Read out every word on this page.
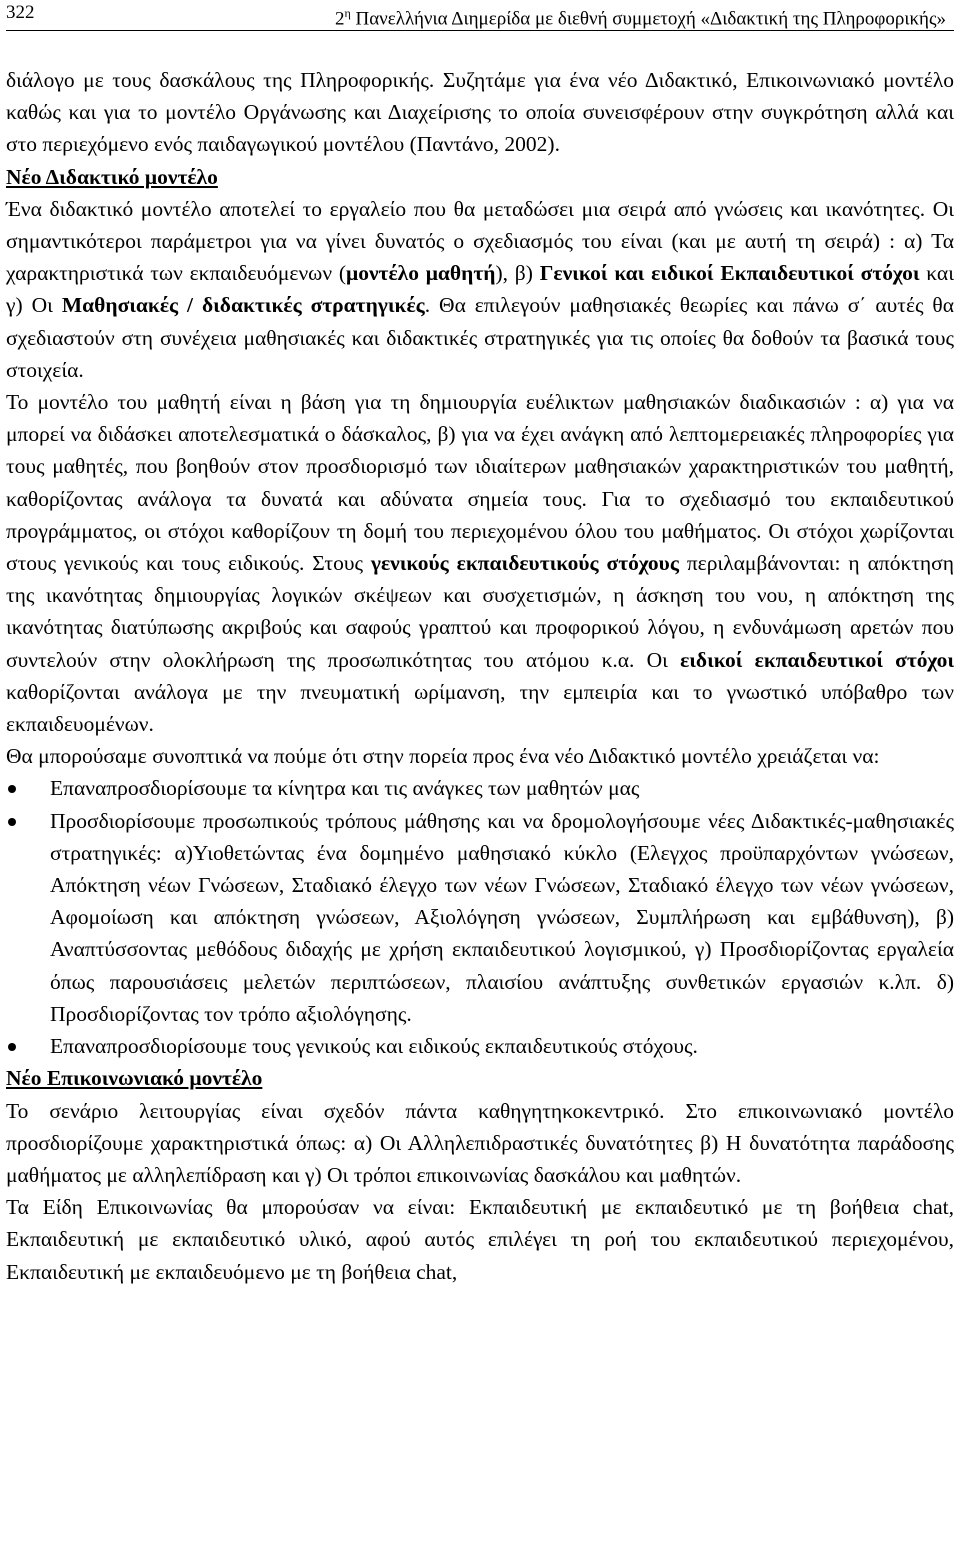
322	$2^\eta$ Πανελλήνια Διημερίδα με διεθνή συμμετοχή «Διδακτική της Πληροφορικής»

διάλογο με τους δασκάλους της Πληροφορικής. Συζητάμε για ένα νέο Διδακτικό, Επικοινωνιακό μοντέλο καθώς και για το μοντέλο Οργάνωσης και Διαχείρισης το οποία συνεισφέρουν στην συγκρότηση αλλά και στο περιεχόμενο ενός παιδαγωγικού μοντέλου (Παντάνο, 2002).

Νέο Διδακτικό μοντέλο

Ένα διδακτικό μοντέλο αποτελεί το εργαλείο που θα μεταδώσει μια σειρά από γνώσεις και ικανότητες. Οι σημαντικότεροι παράμετροι για να γίνει δυνατός ο σχεδιασμός του είναι (και με αυτή τη σειρά) : α) Τα χαρακτηριστικά των εκπαιδευόμενων (μοντέλο μαθητή), β) Γενικοί και ειδικοί Εκπαιδευτικοί στόχοι και γ) Οι Μαθησιακές / διδακτικές στρατηγικές. Θα επιλεγούν μαθησιακές θεωρίες και πάνω σ΄ αυτές θα σχεδιαστούν στη συνέχεια μαθησιακές και διδακτικές στρατηγικές για τις οποίες θα δοθούν τα βασικά τους στοιχεία.

Το μοντέλο του μαθητή είναι η βάση για τη δημιουργία ευέλικτων μαθησιακών διαδικασιών : α) για να μπορεί να διδάσκει αποτελεσματικά ο δάσκαλος, β) για να έχει ανάγκη από λεπτομερειακές πληροφορίες για τους μαθητές, που βοηθούν στον προσδιορισμό των ιδιαίτερων μαθησιακών χαρακτηριστικών του μαθητή, καθορίζοντας ανάλογα τα δυνατά και αδύνατα σημεία τους. Για το σχεδιασμό του εκπαιδευτικού προγράμματος, οι στόχοι καθορίζουν τη δομή του περιεχομένου όλου του μαθήματος. Οι στόχοι χωρίζονται στους γενικούς και τους ειδικούς. Στους γενικούς εκπαιδευτικούς στόχους περιλαμβάνονται: η απόκτηση της ικανότητας δημιουργίας λογικών σκέψεων και συσχετισμών, η άσκηση του νου, η απόκτηση της ικανότητας διατύπωσης ακριβούς και σαφούς γραπτού και προφορικού λόγου, η ενδυνάμωση αρετών που συντελούν στην ολοκλήρωση της προσωπικότητας του ατόμου κ.α. Οι ειδικοί εκπαιδευτικοί στόχοι καθορίζονται ανάλογα με την πνευματική ωρίμανση, την εμπειρία και το γνωστικό υπόβαθρο των εκπαιδευομένων.

Θα μπορούσαμε συνοπτικά να πούμε ότι στην πορεία προς ένα νέο Διδακτικό μοντέλο χρειάζεται να:

Επαναπροσδιορίσουμε τα κίνητρα και τις ανάγκες των μαθητών μας
Προσδιορίσουμε προσωπικούς τρόπους μάθησης και να δρομολογήσουμε νέες Διδακτικές-μαθησιακές στρατηγικές: α)Υιοθετώντας ένα δομημένο μαθησιακό κύκλο (Ελεγχος προϋπαρχόντων γνώσεων, Απόκτηση νέων Γνώσεων, Σταδιακό έλεγχο των νέων Γνώσεων, Σταδιακό έλεγχο των νέων γνώσεων, Αφομοίωση και απόκτηση γνώσεων, Αξιολόγηση γνώσεων, Συμπλήρωση και εμβάθυνση), β) Αναπτύσσοντας μεθόδους διδαχής με χρήση εκπαιδευτικού λογισμικού, γ) Προσδιορίζοντας εργαλεία όπως παρουσιάσεις μελετών περιπτώσεων, πλαισίου ανάπτυξης συνθετικών εργασιών κ.λπ. δ) Προσδιορίζοντας τον τρόπο αξιολόγησης.
Επαναπροσδιορίσουμε τους γενικούς και ειδικούς εκπαιδευτικούς στόχους.

Νέο Επικοινωνιακό μοντέλο

Το σενάριο λειτουργίας είναι σχεδόν πάντα καθηγητηκοκεντρικό. Στο επικοινωνιακό μοντέλο προσδιορίζουμε χαρακτηριστικά όπως: α) Οι Αλληλεπιδραστικές δυνατότητες β) Η δυνατότητα παράδοσης μαθήματος με αλληλεπίδραση και γ) Οι τρόποι επικοινωνίας δασκάλου και μαθητών.

Τα Είδη Επικοινωνίας θα μπορούσαν να είναι: Εκπαιδευτική με εκπαιδευτικό με τη βοήθεια chat, Εκπαιδευτική με εκπαιδευτικό υλικό, αφού αυτός επιλέγει τη ροή του εκπαιδευτικού περιεχομένου, Εκπαιδευτική με εκπαιδευόμενο με τη βοήθεια chat,
